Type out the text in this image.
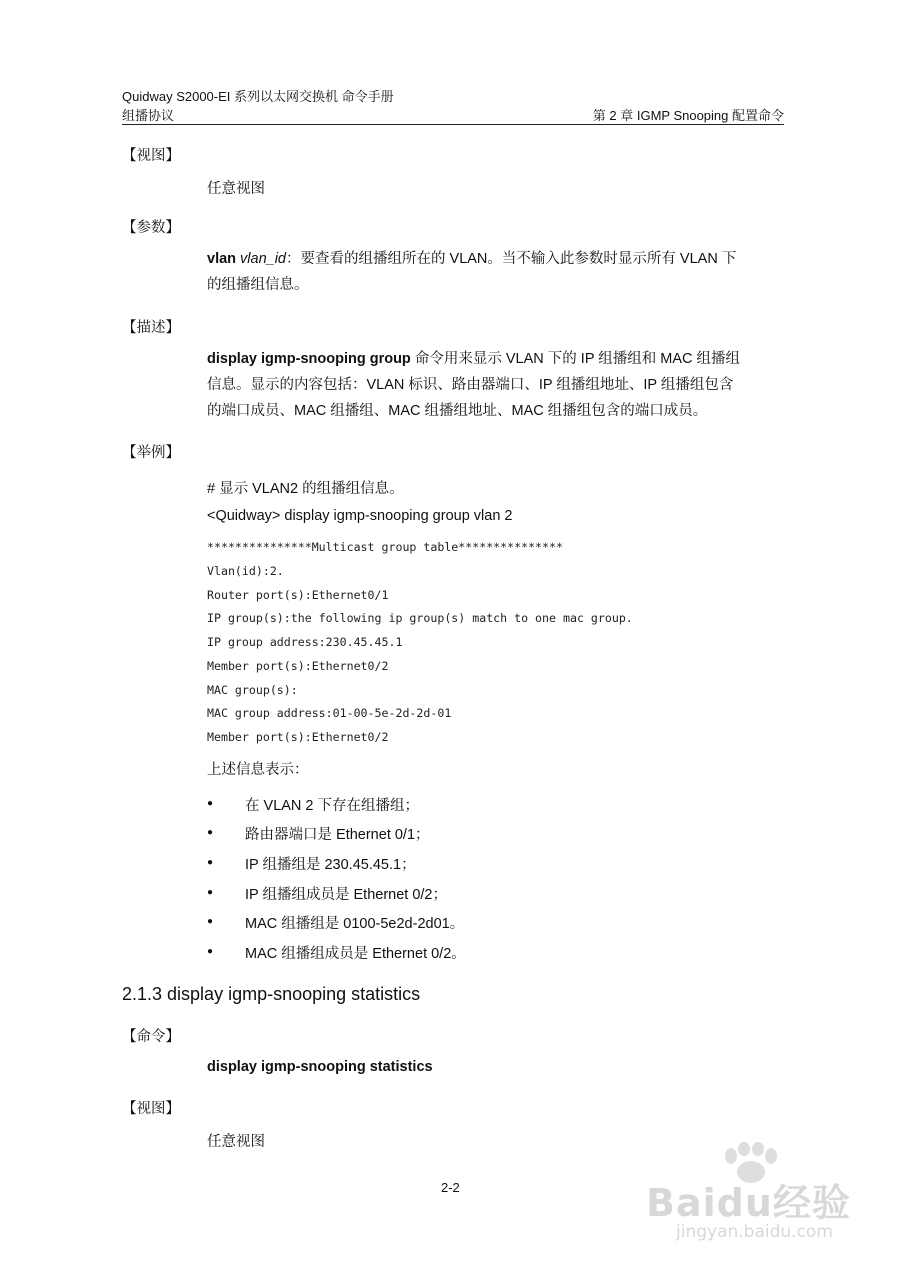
Quidway S2000-EI 系列以太网交换机 命令手册
组播协议	第 2 章 IGMP Snooping 配置命令
【视图】
任意视图
【参数】
vlan vlan_id：要查看的组播组所在的 VLAN。当不输入此参数时显示所有 VLAN 下
的组播组信息。
【描述】
display igmp-snooping group 命令用来显示 VLAN 下的 IP 组播组和 MAC 组播组
信息。显示的内容包括：VLAN 标识、路由器端口、IP 组播组地址、IP 组播组包含
的端口成员、MAC 组播组、MAC 组播组地址、MAC 组播组包含的端口成员。
【举例】
# 显示 VLAN2 的组播组信息。
<Quidway> display igmp-snooping group vlan 2
***************Multicast group table***************
Vlan(id):2.
Router port(s):Ethernet0/1
IP group(s):the following ip group(s) match to one mac group.
IP group address:230.45.45.1
Member port(s):Ethernet0/2
MAC group(s):
MAC group address:01-00-5e-2d-2d-01
Member port(s):Ethernet0/2
上述信息表示：
● 在 VLAN 2 下存在组播组；
● 路由器端口是 Ethernet 0/1；
● IP 组播组是 230.45.45.1；
● IP 组播组成员是 Ethernet 0/2；
● MAC 组播组是 0100-5e2d-2d01。
● MAC 组播组成员是 Ethernet 0/2。
2.1.3 display igmp-snooping statistics
【命令】
display igmp-snooping statistics
【视图】
任意视图
2-2	Baidu经验
jingyan.baidu.com
